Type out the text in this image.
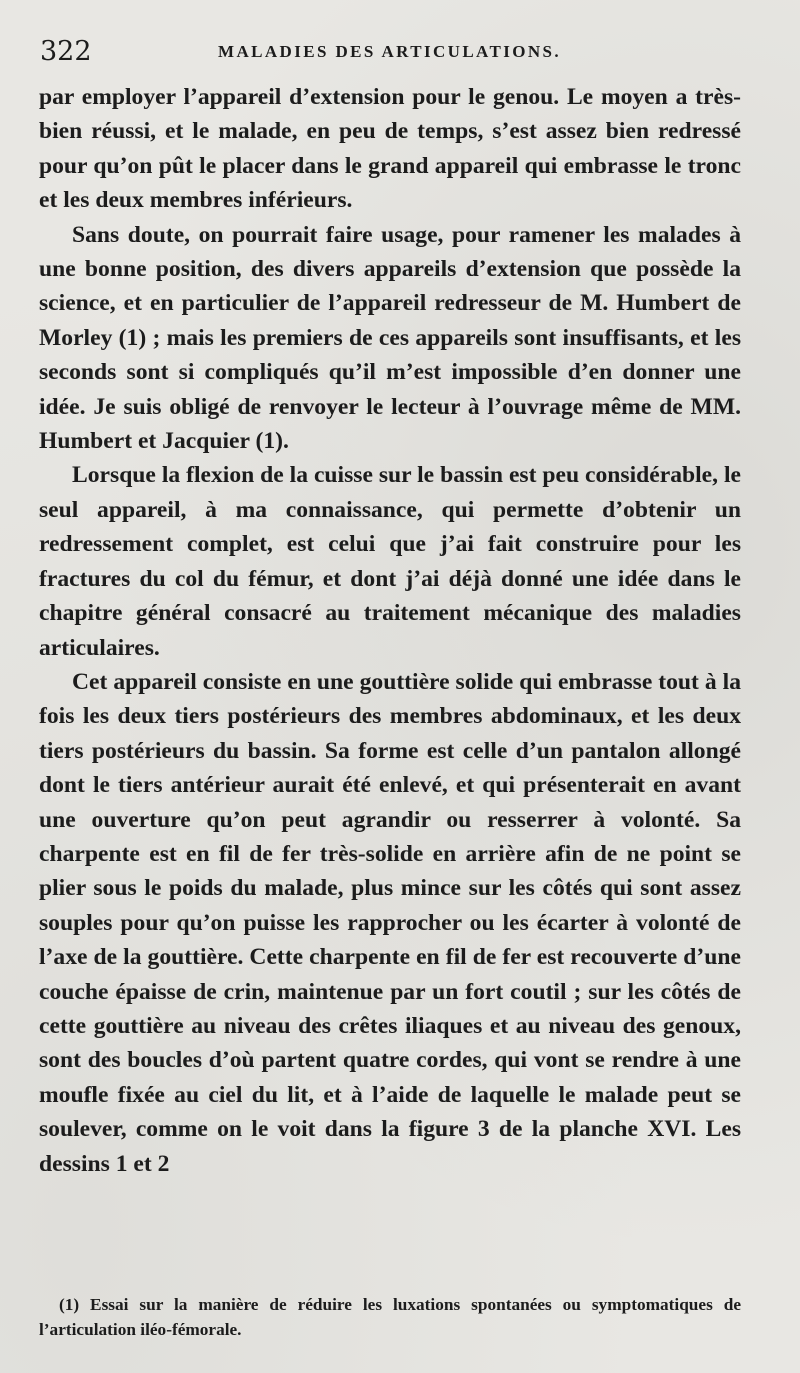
322	MALADIES DES ARTICULATIONS.

par employer l’appareil d’extension pour le genou. Le moyen a très-bien réussi, et le malade, en peu de temps, s’est assez bien redressé pour qu’on pût le placer dans le grand appareil qui embrasse le tronc et les deux membres inférieurs.

Sans doute, on pourrait faire usage, pour ramener les malades à une bonne position, des divers appareils d’extension que possède la science, et en particulier de l’appareil redresseur de M. Humbert de Morley (1) ; mais les premiers de ces appareils sont insuffisants, et les seconds sont si compliqués qu’il m’est impossible d’en donner une idée. Je suis obligé de renvoyer le lecteur à l’ouvrage même de MM. Humbert et Jacquier (1).

Lorsque la flexion de la cuisse sur le bassin est peu considérable, le seul appareil, à ma connaissance, qui permette d’obtenir un redressement complet, est celui que j’ai fait construire pour les fractures du col du fémur, et dont j’ai déjà donné une idée dans le chapitre général consacré au traitement mécanique des maladies articulaires.

Cet appareil consiste en une gouttière solide qui embrasse tout à la fois les deux tiers postérieurs des membres abdominaux, et les deux tiers postérieurs du bassin. Sa forme est celle d’un pantalon allongé dont le tiers antérieur aurait été enlevé, et qui présenterait en avant une ouverture qu’on peut agrandir ou resserrer à volonté. Sa charpente est en fil de fer très-solide en arrière afin de ne point se plier sous le poids du malade, plus mince sur les côtés qui sont assez souples pour qu’on puisse les rapprocher ou les écarter à volonté de l’axe de la gouttière. Cette charpente en fil de fer est recouverte d’une couche épaisse de crin, maintenue par un fort coutil ; sur les côtés de cette gouttière au niveau des crêtes iliaques et au niveau des genoux, sont des boucles d’où partent quatre cordes, qui vont se rendre à une moufle fixée au ciel du lit, et à l’aide de laquelle le malade peut se soulever, comme on le voit dans la figure 3 de la planche XVI. Les dessins 1 et 2

(1) Essai sur la manière de réduire les luxations spontanées ou symptomatiques de l’articulation iléo-fémorale.
